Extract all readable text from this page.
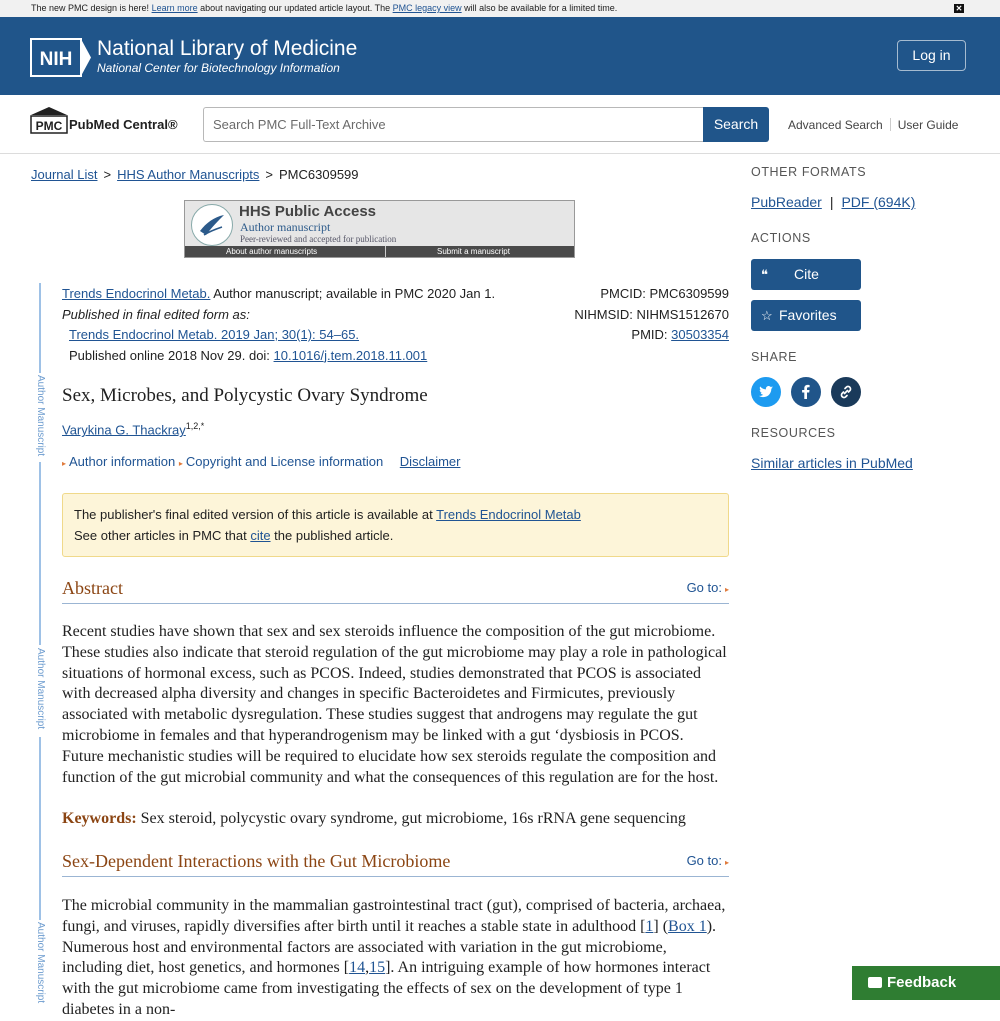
The new PMC design is here! Learn more about navigating our updated article layout. The PMC legacy view will also be available for a limited time.	✕
NIH National Library of Medicine
National Center for Biotechnology Information
Log in
PMC PubMed Central®
Search PMC Full-Text Archive	Search	Advanced Search User Guide
Journal List > HHS Author Manuscripts > PMC6309599
HHS Public Access
Author manuscript
Peer-reviewed and accepted for publication
About author manuscripts	Submit a manuscript
Author Manuscript
Author Manuscript
Author Manuscript
Trends Endocrinol Metab. Author manuscript; available in PMC 2020 Jan 1.
Published in final edited form as:
Trends Endocrinol Metab. 2019 Jan; 30(1): 54–65.
Published online 2018 Nov 29. doi: 10.1016/j.tem.2018.11.001
PMCID: PMC6309599
NIHMSID: NIHMS1512670
PMID: 30503354
Sex, Microbes, and Polycystic Ovary Syndrome
Varykina G. Thackray$^{1,2,*}$
▸ Author information ▸ Copyright and License information Disclaimer
The publisher's final edited version of this article is available at Trends Endocrinol Metab
See other articles in PMC that cite the published article.
Abstract	Go to: ▸
Recent studies have shown that sex and sex steroids influence the composition of the gut microbiome. These studies also indicate that steroid regulation of the gut microbiome may play a role in pathological situations of hormonal excess, such as PCOS. Indeed, studies demonstrated that PCOS is associated with decreased alpha diversity and changes in specific Bacteroidetes and Firmicutes, previously associated with metabolic dysregulation. These studies suggest that androgens may regulate the gut microbiome in females and that hyperandrogenism may be linked with a gut ‘dysbiosis in PCOS. Future mechanistic studies will be required to elucidate how sex steroids regulate the composition and function of the gut microbial community and what the consequences of this regulation are for the host.
Keywords: Sex steroid, polycystic ovary syndrome, gut microbiome, 16s rRNA gene sequencing
Sex-Dependent Interactions with the Gut Microbiome	Go to: ▸
The microbial community in the mammalian gastrointestinal tract (gut), comprised of bacteria, archaea, fungi, and viruses, rapidly diversifies after birth until it reaches a stable state in adulthood [1] (Box 1). Numerous host and environmental factors are associated with variation in the gut microbiome, including diet, host genetics, and hormones [14,15]. An intriguing example of how hormones interact with the gut microbiome came from investigating the effects of sex on the development of type 1 diabetes in a non-
OTHER FORMATS
PubReader | PDF (694K)
ACTIONS
❝ Cite
☆ Favorites
SHARE
RESOURCES
Similar articles in PubMed
Feedback
